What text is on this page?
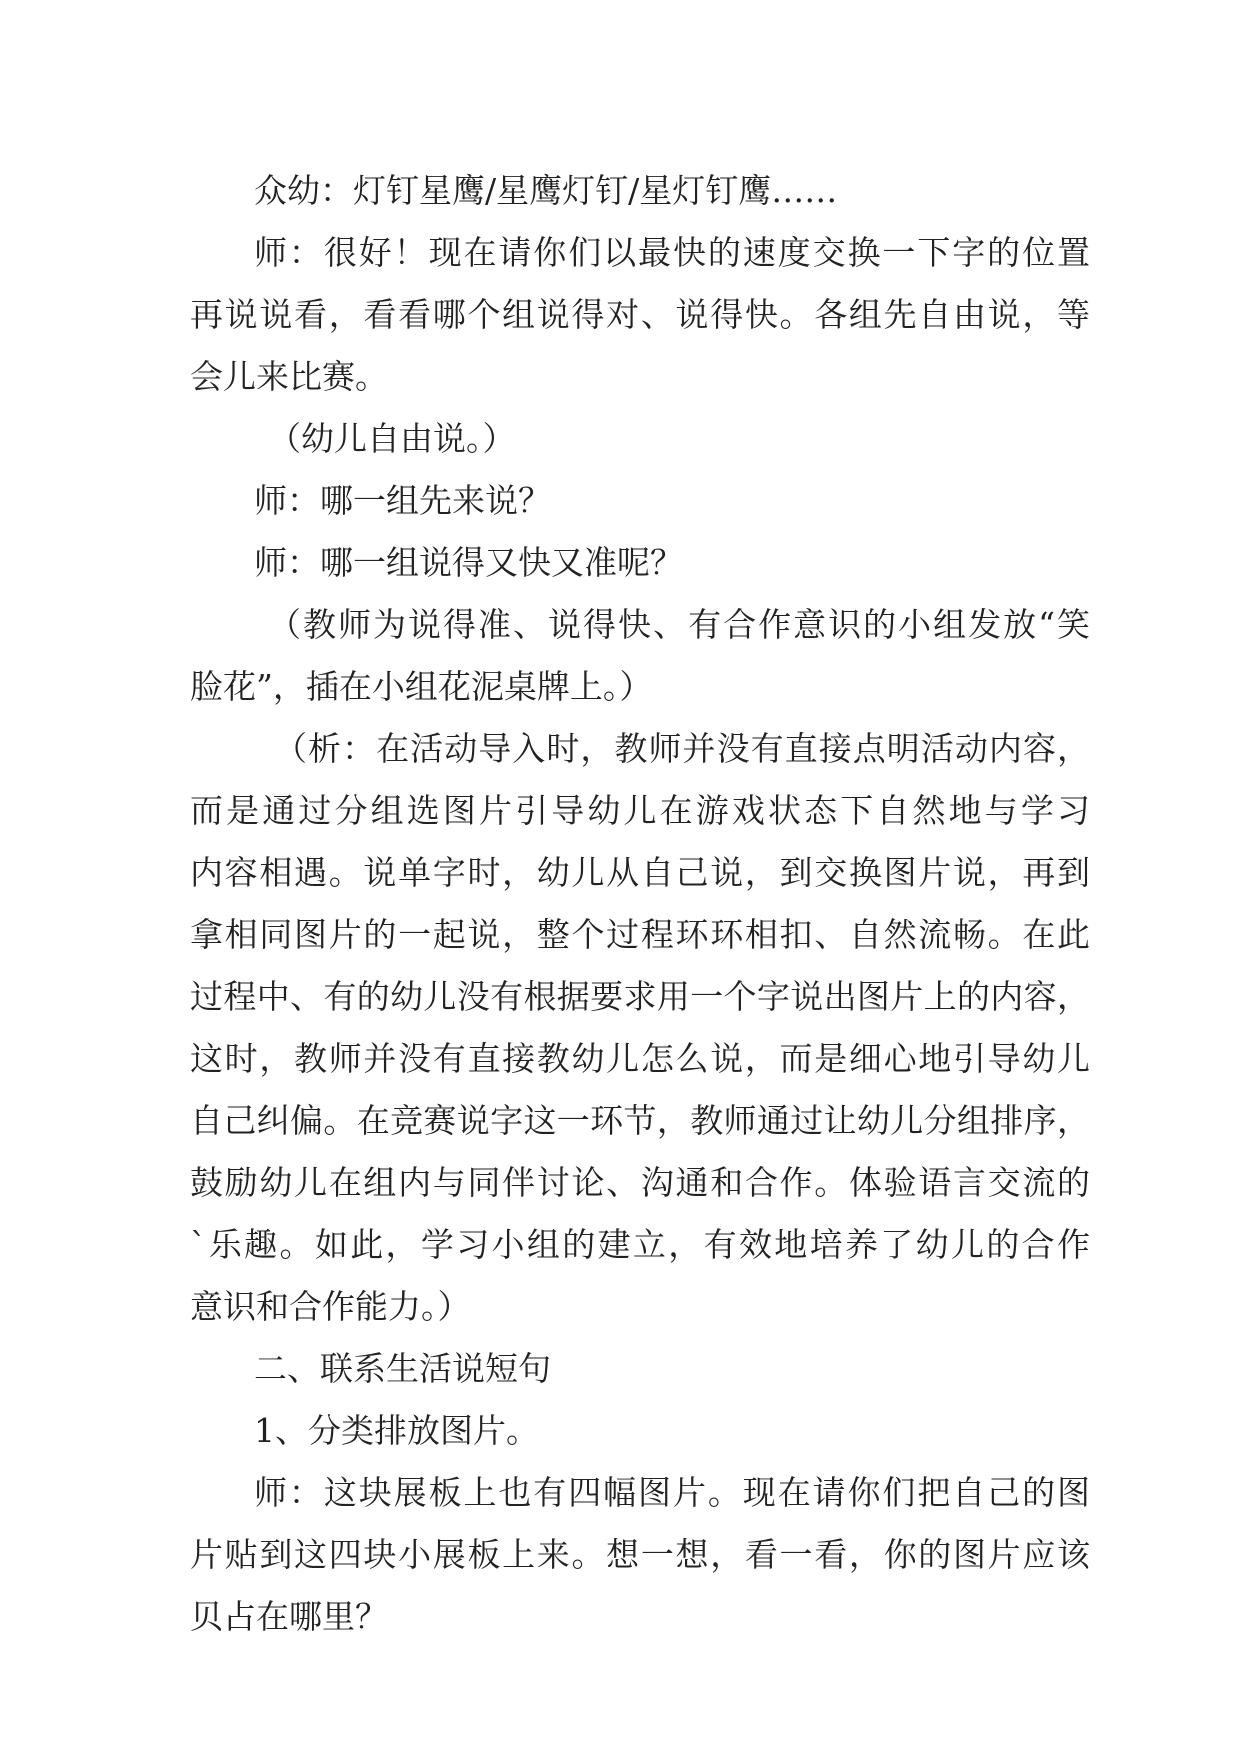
众幼：灯钉星鹰/星鹰灯钉/星灯钉鹰……
师：很好！现在请你们以最快的速度交换一下字的位置
再说说看，看看哪个组说得对、说得快。各组先自由说，等
会儿来比赛。
（幼儿自由说。）
师：哪一组先来说？
师：哪一组说得又快又准呢？
（教师为说得准、说得快、有合作意识的小组发放“笑
脸花”，插在小组花泥桌牌上。）
（析：在活动导入时，教师并没有直接点明活动内容，
而是通过分组选图片引导幼儿在游戏状态下自然地与学习
内容相遇。说单字时，幼儿从自己说，到交换图片说，再到
拿相同图片的一起说，整个过程环环相扣、自然流畅。在此
过程中、有的幼儿没有根据要求用一个字说出图片上的内容，
这时，教师并没有直接教幼儿怎么说，而是细心地引导幼儿
自己纠偏。在竞赛说字这一环节，教师通过让幼儿分组排序，
鼓励幼儿在组内与同伴讨论、沟通和合作。体验语言交流的
`乐趣。如此，学习小组的建立，有效地培养了幼儿的合作
意识和合作能力。）
二、联系生活说短句
1、分类排放图片。
师：这块展板上也有四幅图片。现在请你们把自己的图
片贴到这四块小展板上来。想一想，看一看，你的图片应该
贝占在哪里？
